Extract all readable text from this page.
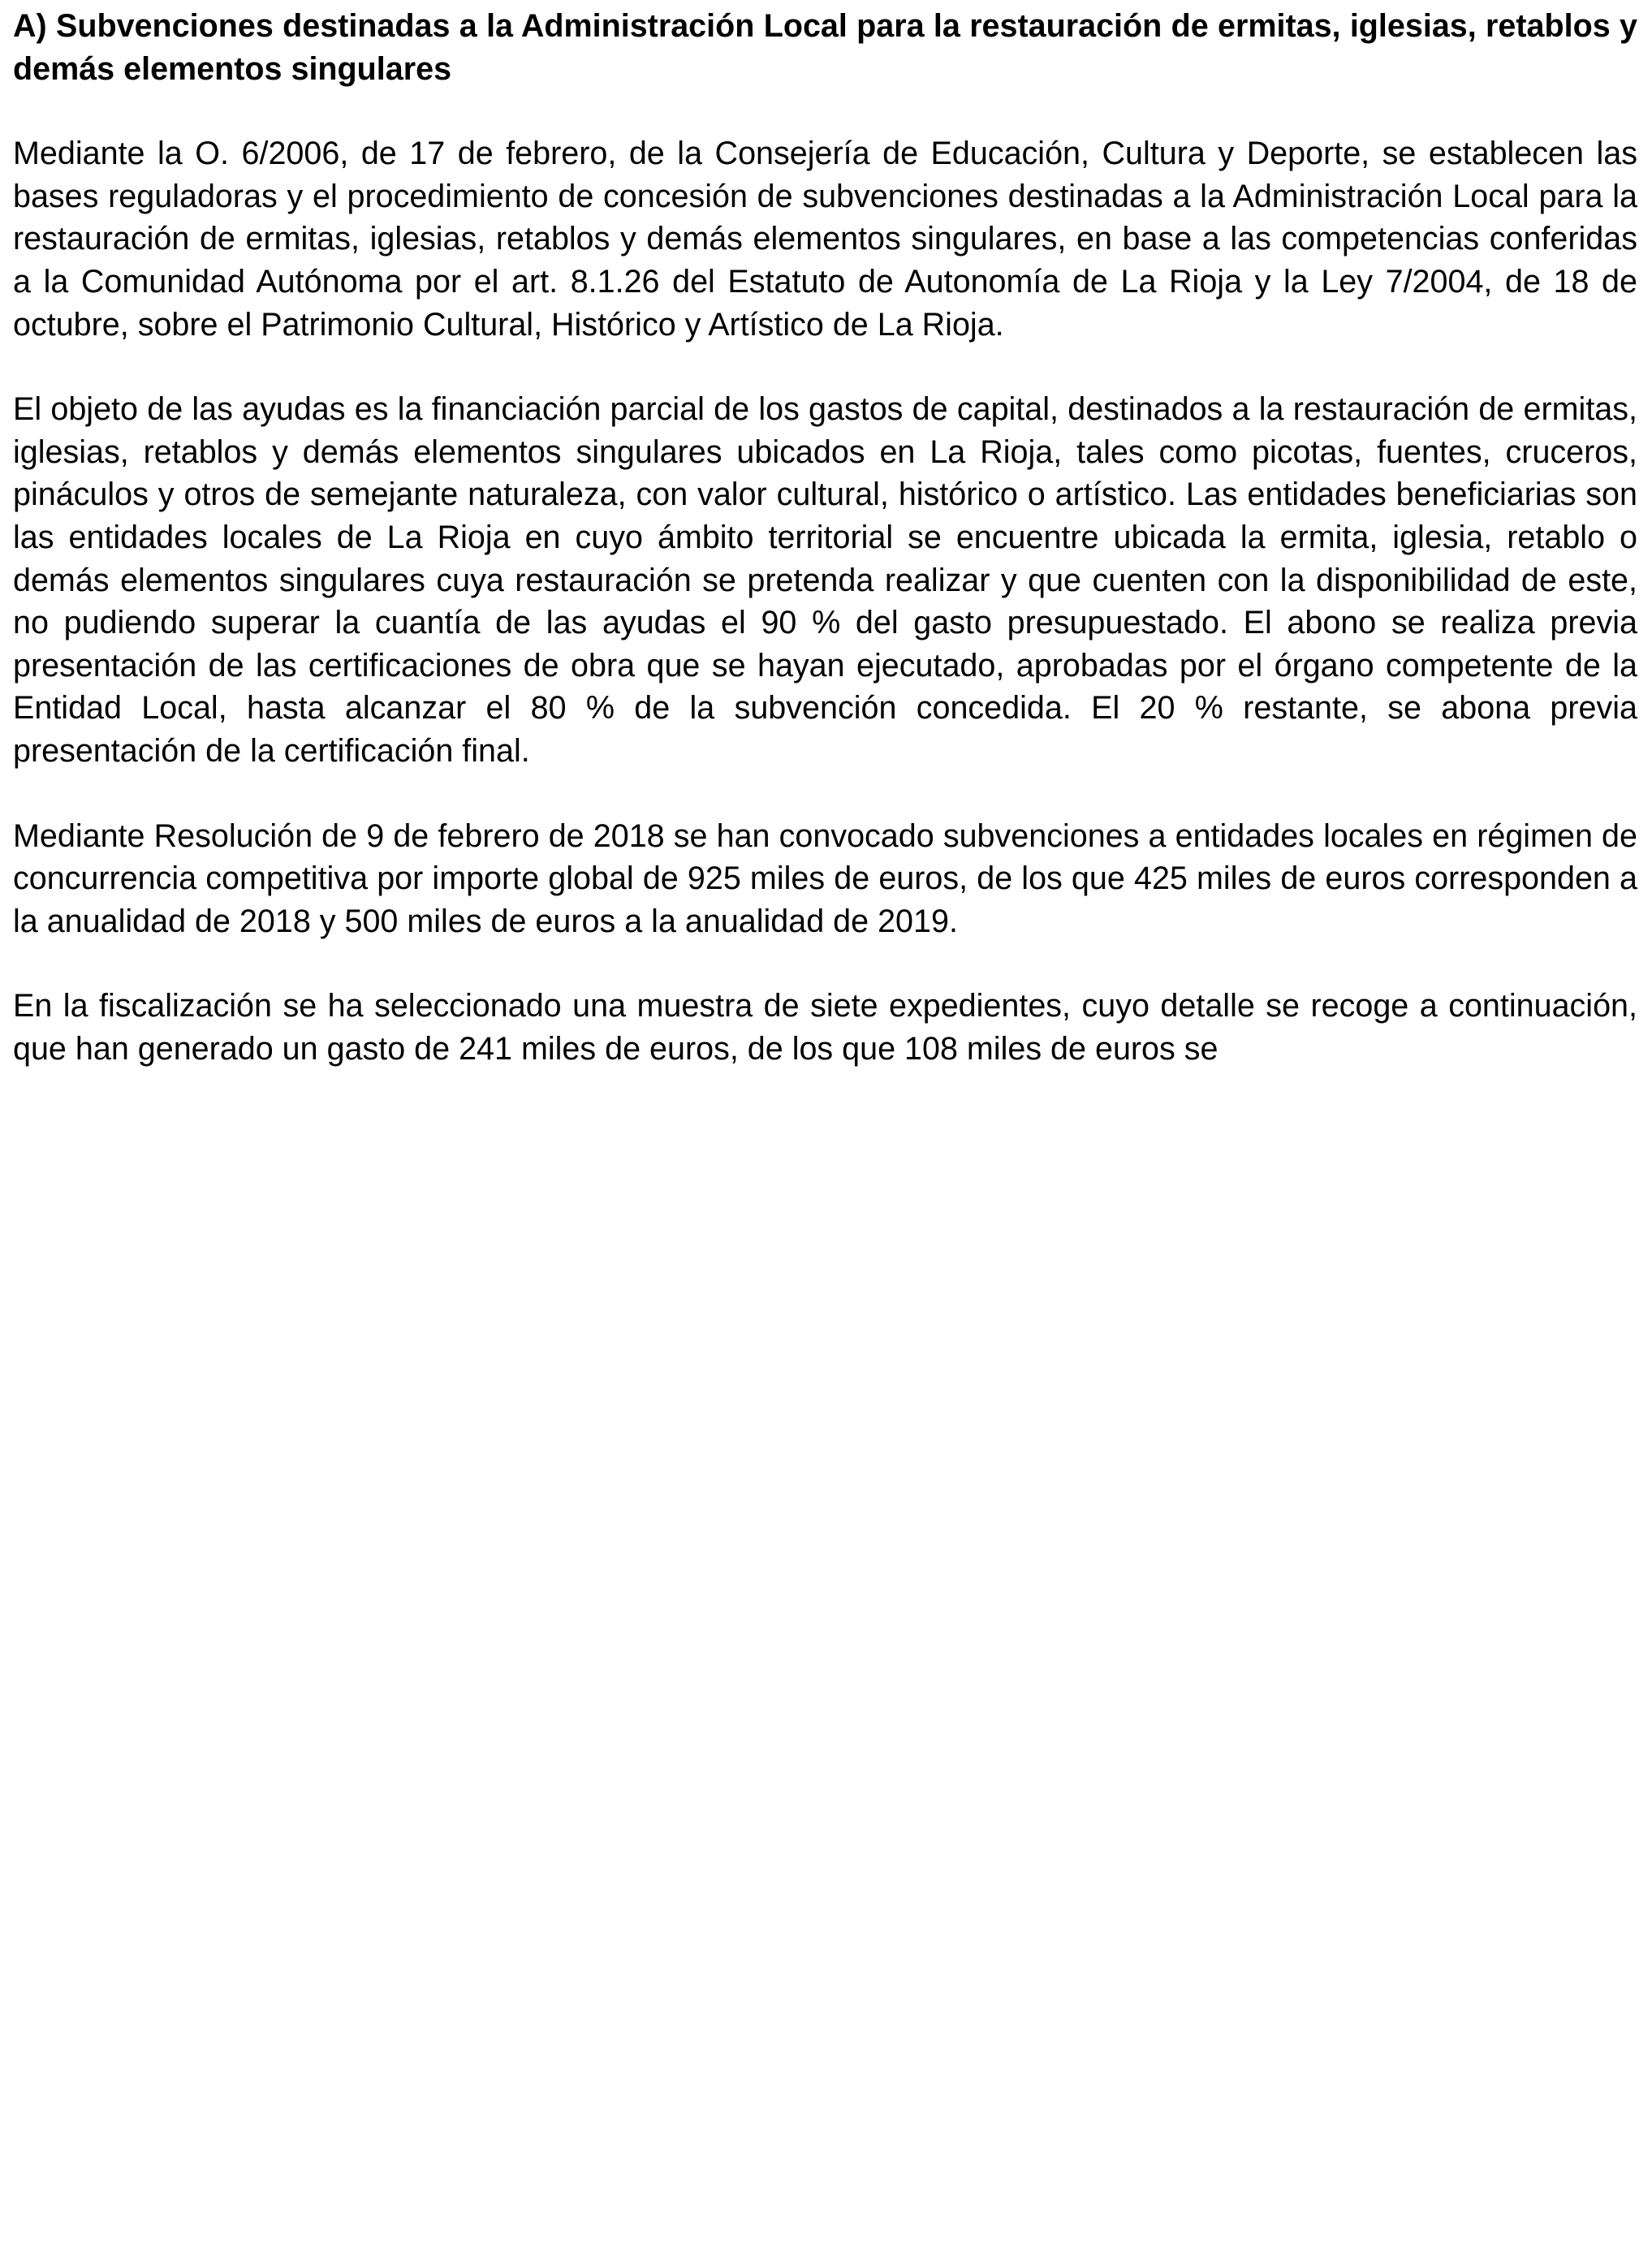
A) Subvenciones destinadas a la Administración Local para la restauración de ermitas, iglesias, retablos y demás elementos singulares

Mediante la O. 6/2006, de 17 de febrero, de la Consejería de Educación, Cultura y Deporte, se establecen las bases reguladoras y el procedimiento de concesión de subvenciones destinadas a la Administración Local para la restauración de ermitas, iglesias, retablos y demás elementos singulares, en base a las competencias conferidas a la Comunidad Autónoma por el art. 8.1.26 del Estatuto de Autonomía de La Rioja y la Ley 7/2004, de 18 de octubre, sobre el Patrimonio Cultural, Histórico y Artístico de La Rioja.

El objeto de las ayudas es la financiación parcial de los gastos de capital, destinados a la restauración de ermitas, iglesias, retablos y demás elementos singulares ubicados en La Rioja, tales como picotas, fuentes, cruceros, pináculos y otros de semejante naturaleza, con valor cultural, histórico o artístico. Las entidades beneficiarias son las entidades locales de La Rioja en cuyo ámbito territorial se encuentre ubicada la ermita, iglesia, retablo o demás elementos singulares cuya restauración se pretenda realizar y que cuenten con la disponibilidad de este, no pudiendo superar la cuantía de las ayudas el 90 % del gasto presupuestado. El abono se realiza previa presentación de las certificaciones de obra que se hayan ejecutado, aprobadas por el órgano competente de la Entidad Local, hasta alcanzar el 80 % de la subvención concedida. El 20 % restante, se abona previa presentación de la certificación final.

Mediante Resolución de 9 de febrero de 2018 se han convocado subvenciones a entidades locales en régimen de concurrencia competitiva por importe global de 925 miles de euros, de los que 425 miles de euros corresponden a la anualidad de 2018 y 500 miles de euros a la anualidad de 2019.

En la fiscalización se ha seleccionado una muestra de siete expedientes, cuyo detalle se recoge a continuación, que han generado un gasto de 241 miles de euros, de los que 108 miles de euros se
